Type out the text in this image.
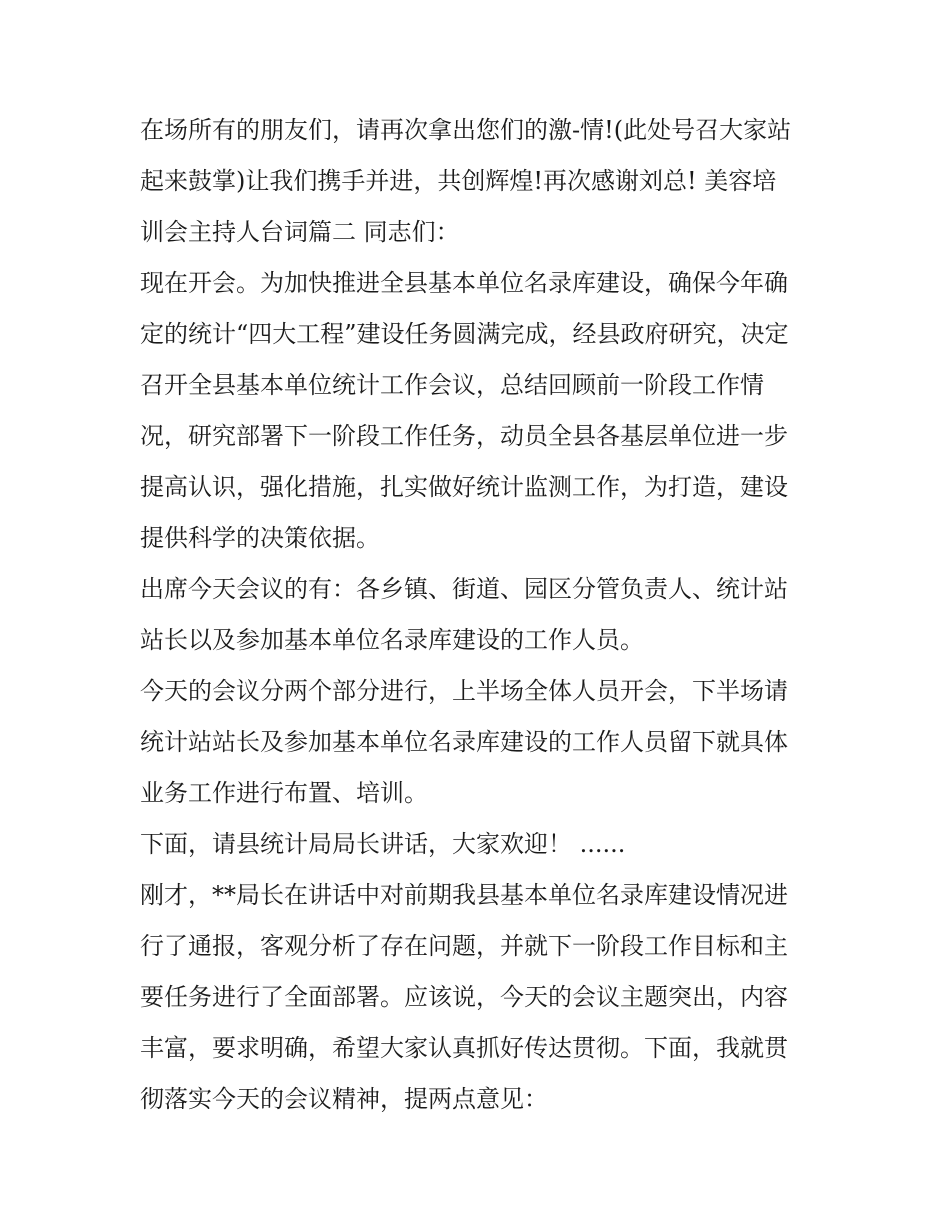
在场所有的朋友们，请再次拿出您们的激-情!(此处号召大家站
起来鼓掌)让我们携手并进，共创辉煌!再次感谢刘总! 美容培
训会主持人台词篇二 同志们：
现在开会。为加快推进全县基本单位名录库建设，确保今年确
定的统计“四大工程”建设任务圆满完成，经县政府研究，决定
召开全县基本单位统计工作会议，总结回顾前一阶段工作情
况，研究部署下一阶段工作任务，动员全县各基层单位进一步
提高认识，强化措施，扎实做好统计监测工作，为打造，建设
提供科学的决策依据。
出席今天会议的有：各乡镇、街道、园区分管负责人、统计站
站长以及参加基本单位名录库建设的工作人员。
今天的会议分两个部分进行，上半场全体人员开会，下半场请
统计站站长及参加基本单位名录库建设的工作人员留下就具体
业务工作进行布置、培训。
下面，请县统计局局长讲话，大家欢迎！ ......
刚才，**局长在讲话中对前期我县基本单位名录库建设情况进
行了通报，客观分析了存在问题，并就下一阶段工作目标和主
要任务进行了全面部署。应该说，今天的会议主题突出，内容
丰富，要求明确，希望大家认真抓好传达贯彻。下面，我就贯
彻落实今天的会议精神，提两点意见：
